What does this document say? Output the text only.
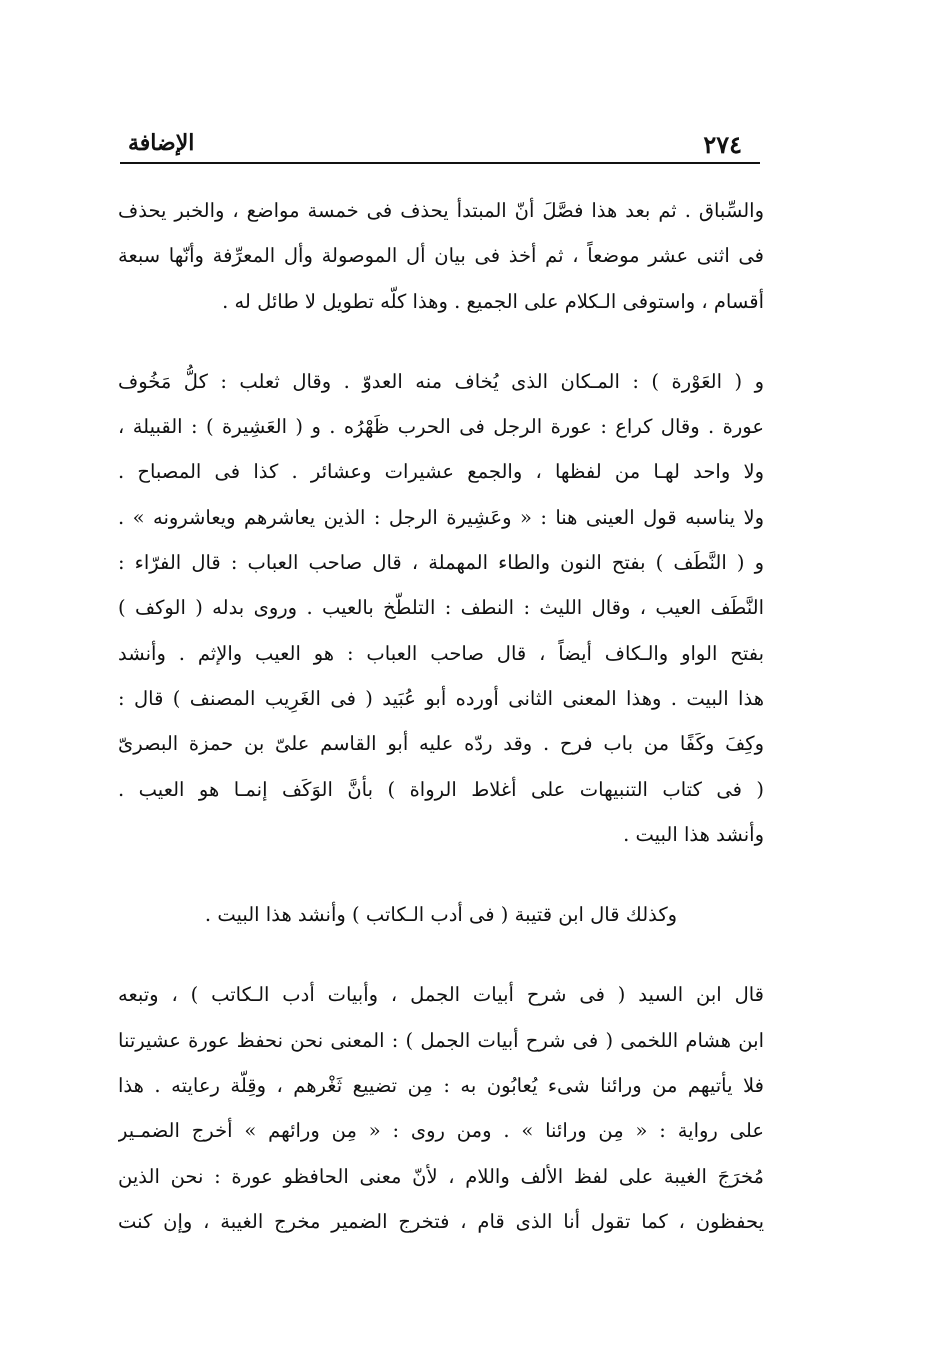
٢٧٤
الإضافة
والسِّباق . ثم بعد هذا فصَّلَ أنّ المبتدأ يحذف فى خمسة مواضع ، والخبر يحذف
فى اثنى عشر موضعاً ، ثم أخذ فى بيان أل الموصولة وأل المعرِّفة وأنّها سبعة
أقسام ، واستوفى الـكلام على الجميع . وهذا كلّه تطويل لا طائل له .
و ( العَوْرة ) : المـكان الذى يُخاف منه العدوّ . وقال ثعلب : كلُّ مَخُوف
عورة . وقال كراع : عورة الرجل فى الحرب ظَهْرُه . و ( العَشِيرة ) : القبيلة ،
ولا واحد لهـا من لفظها ، والجمع عشيرات وعشائر . كذا فى المصباح .
ولا يناسبه قول العينى هنا : « وعَشِيرة الرجل : الذين يعاشرهم ويعاشرونه » .
و ( النَّطَف ) بفتح النون والطاء المهملة ، قال صاحب العباب : قال الفرّاء :
النَّطَف العيب ، وقال الليث : النطف : التلطّخ بالعيب . وروى بدله ( الوكف )
بفتح الواو والـكاف أيضاً ، قال صاحب العباب : هو العيب والإثم . وأنشد
هذا البيت . وهذا المعنى الثانى أورده أبو عُبَيد ( فى الغَرِيب المصنف ) قال :
وكِفَ وكَفًا من باب فرح . وقد ردّه عليه أبو القاسم علىّ بن حمزة البصرىّ
( فى كتاب التنبيهات على أغلاط الرواة ) بأنَّ الوَكَف إنمـا هو العيب .
وأنشد هذا البيت .
وكذلك قال ابن قتيبة ( فى أدب الـكاتب ) وأنشد هذا البيت .
قال ابن السيد ( فى شرح أبيات الجمل ، وأبيات أدب الـكاتب ) ، وتبعه
ابن هشام اللخمى ( فى شرح أبيات الجمل ) : المعنى نحن نحفظ عورة عشيرتنا
فلا يأتيهم من ورائنا شىء يُعابُون به : مِن تضييع ثَغْرهم ، وقِلّة رعايته . هذا
على رواية : « مِن ورائنا » . ومن روى : « مِن ورائهم » أخرج الضمـير
مُخرَجَ الغيبة على لفظ الألف واللام ، لأنّ معنى الحافظو عورة : نحن الذين
يحفظون ، كما تقول أنا الذى قام ، فتخرج الضمير مخرج الغيبة ، وإن كنت
